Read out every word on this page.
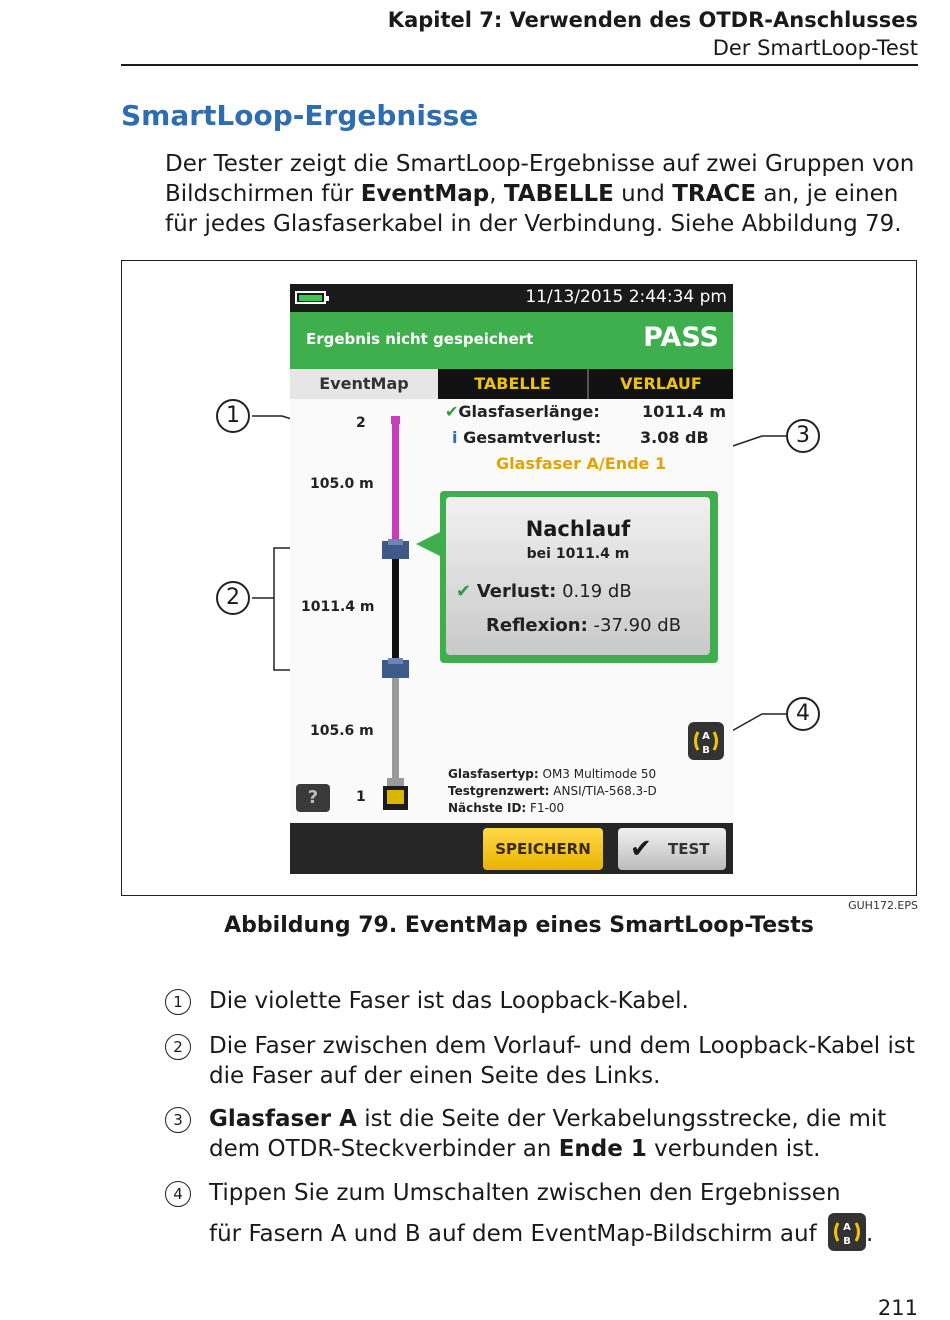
Kapitel 7: Verwenden des OTDR-Anschlusses
Der SmartLoop-Test
SmartLoop-Ergebnisse
Der Tester zeigt die SmartLoop-Ergebnisse auf zwei Gruppen von Bildschirmen für EventMap, TABELLE und TRACE an, je einen für jedes Glasfaserkabel in der Verbindung. Siehe Abbildung 79.
1
2
3
4
11/13/2015 2:44:34 pm
Ergebnis nicht gespeichert	PASS
EventMap	TABELLE	VERLAUF
2
105.0 m
1011.4 m
105.6 m
1
✔Glasfaserlänge:	1011.4 m
i Gesamtverlust: 3.08 dB
Glasfaser A/Ende 1
Nachlauf
bei 1011.4 m
✔ Verlust: 0.19 dB
Reflexion: -37.90 dB
A
B
Glasfasertyp: OM3 Multimode 50
Testgrenzwert: ANSI/TIA-568.3-D
Nächste ID: F1-00
?
SPEICHERN	✔ TEST
GUH172.EPS
Abbildung 79. EventMap eines SmartLoop-Tests
1	Die violette Faser ist das Loopback-Kabel.
2	Die Faser zwischen dem Vorlauf- und dem Loopback-Kabel ist die Faser auf der einen Seite des Links.
3	Glasfaser A ist die Seite der Verkabelungsstrecke, die mit dem OTDR-Steckverbinder an Ende 1 verbunden ist.
4	Tippen Sie zum Umschalten zwischen den Ergebnissen
für Fasern A und B auf dem EventMap-Bildschirm auf	A
B .
211
